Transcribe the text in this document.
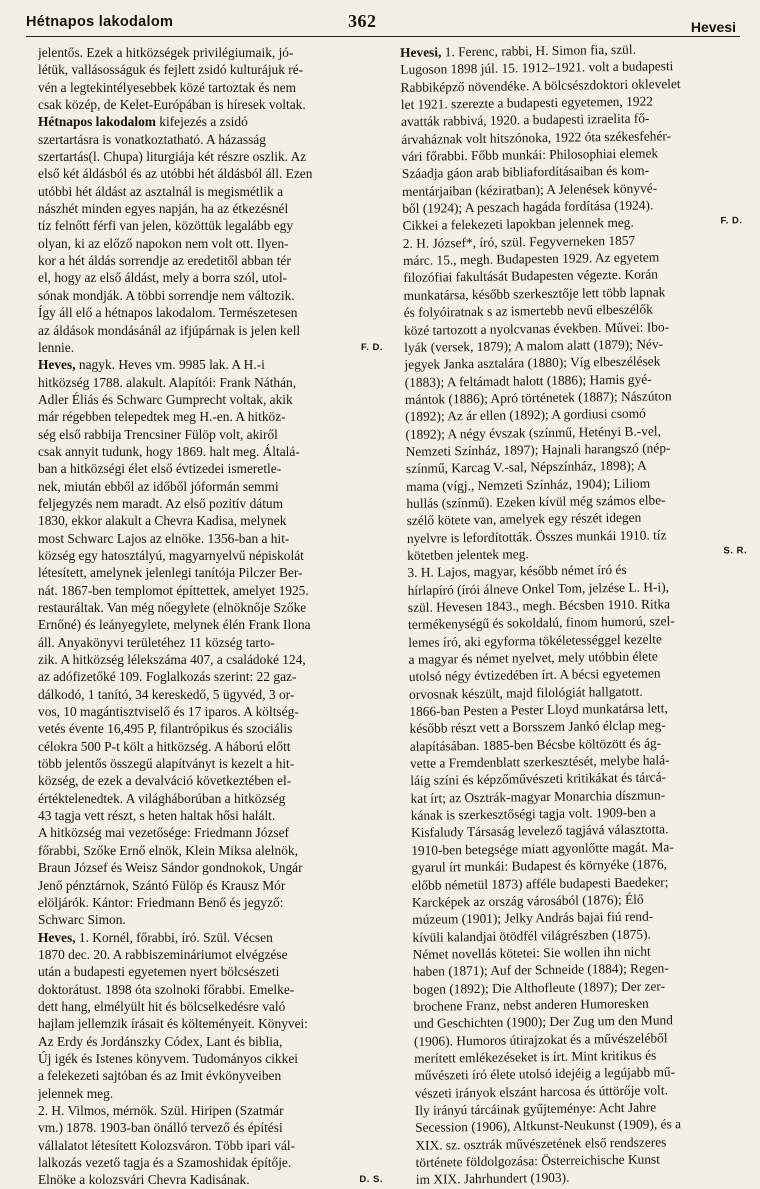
Hétnapos lakodalom	362	Hevesi
jelentős. Ezek a hitközségek privilégiumaik, jó-
létük, vallásosságuk és fejlett zsidó kulturájuk ré-
vén a legtekintélyesebbek közé tartoztak és nem
csak közép, de Kelet-Európában is híresek voltak.
Hétnapos lakodalom kifejezés a zsidó
szertartásra is vonatkoztatható. A házasság
szertartás(l. Chupa) liturgiája két részre oszlik. Az
első két áldásból és az utóbbi hét áldásból áll. Ezen
utóbbi hét áldást az asztalnál is megismétlik a
nászhét minden egyes napján, ha az étkezésnél
tíz felnőtt férfi van jelen, közöttük legalább egy
olyan, ki az előző napokon nem volt ott. Ilyen-
kor a hét áldás sorrendje az eredetitől abban tér
el, hogy az első áldást, mely a borra szól, utol-
sónak mondják. A többi sorrendje nem változik.
Így áll elő a hétnapos lakodalom. Természetesen
az áldások mondásánál az ifjúpárnak is jelen kell
lennie.	F. D.
Heves, nagyk. Heves vm. 9985 lak. A H.-i
hitközség 1788. alakult. Alapítói: Frank Náthán,
Adler Éliás és Schwarc Gumprecht voltak, akik
már régebben telepedtek meg H.-en. A hitköz-
ség első rabbija Trencsiner Fülöp volt, akiről
csak annyit tudunk, hogy 1869. halt meg. Általá-
ban a hitközségi élet első évtizedei ismeretle-
nek, miután ebből az időből jóformán semmi
feljegyzés nem maradt. Az első pozitív dátum
1830, ekkor alakult a Chevra Kadisa, melynek
most Schwarc Lajos az elnöke. 1356-ban a hit-
község egy hatosztályú, magyarnyelvű népiskolát
létesített, amelynek jelenlegi tanítója Pilczer Ber-
nát. 1867-ben templomot építtettek, amelyet 1925.
restauráltak. Van még nőegylete (elnöknője Szőke
Ernőné) és leányegylete, melynek élén Frank Ilona
áll. Anyakönyvi területéhez 11 község tarto-
zik. A hitközség lélekszáma 407, a családoké 124,
az adófizetőké 109. Foglalkozás szerint: 22 gaz-
dálkodó, 1 tanító, 34 kereskedő, 5 ügyvéd, 3 or-
vos, 10 magántisztviselő és 17 iparos. A költség-
vetés évente 16,495 P, filantrópikus és szociális
célokra 500 P-t költ a hitközség. A háború előtt
több jelentős összegű alapítványt is kezelt a hit-
község, de ezek a devalváció következtében el-
értéktelenedtek. A világháborúban a hitközség
43 tagja vett részt, s heten haltak hősi halált.
A hitközség mai vezetősége: Friedmann József
főrabbi, Szőke Ernő elnök, Klein Miksa alelnök,
Braun József és Weisz Sándor gondnokok, Ungár
Jenő pénztárnok, Szántó Fülöp és Krausz Mór
elöljárók. Kántor: Friedmann Benő és jegyző:
Schwarc Simon.
Heves, 1. Kornél, főrabbi, író. Szül. Vécsen
1870 dec. 20. A rabbiszemináriumot elvégzése
után a budapesti egyetemen nyert bölcsészeti
doktorátust. 1898 óta szolnoki főrabbi. Emelke-
dett hang, elmélyült hit és bölcselkedésre való
hajlam jellemzik írásait és költeményeit. Könyvei:
Az Erdy és Jordánszky Códex, Lant és biblia,
Új igék és Istenes könyvem. Tudományos cikkei
a felekezeti sajtóban és az Imit évkönyveiben
jelennek meg.
2. H. Vilmos, mérnök. Szül. Hiripen (Szatmár
vm.) 1878. 1903-ban önálló tervező és építési
vállalatot létesített Kolozsváron. Több ipari vál-
lalkozás vezető tagja és a Szamoshidak építője.
Elnöke a kolozsvári Chevra Kadisának.	D. S.
Hevesi, 1. Ferenc, rabbi, H. Simon fia, szül.
Lugoson 1898 júl. 15. 1912–1921. volt a budapesti
Rabbiképző növendéke. A bölcsészdoktori oklevelet
let 1921. szerezte a budapesti egyetemen, 1922
avatták rabbivá, 1920. a budapesti izraelita fő-
árvaháznak volt hitszónoka, 1922 óta székesfehér-
vári főrabbi. Főbb munkái: Philosophiai elemek
Száadja gáon arab bibliafordításaiban és kom-
mentárjaiban (kéziratban); A Jelenések könyvé-
ből (1924); A peszach hagáda fordítása (1924).
Cikkei a felekezeti lapokban jelennek meg.	F. D.
2. H. József*, író, szül. Fegyverneken 1857
márc. 15., megh. Budapesten 1929. Az egyetem
filozófiai fakultását Budapesten végezte. Korán
munkatársa, később szerkesztője lett több lapnak
és folyóiratnak s az ismertebb nevű elbeszélők
közé tartozott a nyolcvanas években. Művei: Ibo-
lyák (versek, 1879); A malom alatt (1879); Név-
jegyek Janka asztalára (1880); Víg elbeszélések
(1883); A feltámadt halott (1886); Hamis gyé-
mántok (1886); Apró történetek (1887); Nászúton
(1892); Az ár ellen (1892); A gordiusi csomó
(1892); A négy évszak (színmű, Hetényi B.-vel,
Nemzeti Színház, 1897); Hajnali harangszó (nép-
színmű, Karcag V.-sal, Népszínház, 1898); A
mama (vígj., Nemzeti Színház, 1904); Liliom
hullás (színmű). Ezeken kívül még számos elbe-
szélő kötete van, amelyek egy részét idegen
nyelvre is lefordították. Összes munkái 1910. tíz
kötetben jelentek meg.	S. R.
3. H. Lajos, magyar, később német író és
hírlapíró (írói álneve Onkel Tom, jelzése L. H-i),
szül. Hevesen 1843., megh. Bécsben 1910. Ritka
termékenységű és sokoldalú, finom humorú, szel-
lemes író, aki egyforma tökéletességgel kezelte
a magyar és német nyelvet, mely utóbbin élete
utolsó négy évtizedében írt. A bécsi egyetemen
orvosnak készült, majd filológiát hallgatott.
1866-ban Pesten a Pester Lloyd munkatársa lett,
később részt vett a Borsszem Jankó élclap meg-
alapításában. 1885-ben Bécsbe költözött és ág-
vette a Fremdenblatt szerkesztését, melybe halá-
láig színi és képzőművészeti kritikákat és tárcá-
kat írt; az Osztrák-magyar Monarchia díszmun-
kának is szerkesztőségi tagja volt. 1909-ben a
Kisfaludy Társaság levelező tagjává választotta.
1910-ben betegsége miatt agyonlőtte magát. Ma-
gyarul írt munkái: Budapest és környéke (1876,
előbb németül 1873) afféle budapesti Baedeker;
Karcképek az ország városából (1876); Élő
múzeum (1901); Jelky András bajai fiú rend-
kívüli kalandjai ötödfél világrészben (1875).
Német novellás kötetei: Sie wollen ihn nicht
haben (1871); Auf der Schneide (1884); Regen-
bogen (1892); Die Althofleute (1897); Der zer-
brochene Franz, nebst anderen Humoresken
und Geschichten (1900); Der Zug um den Mund
(1906). Humoros útirajzokat és a művészeléből
merített emlékezéseket is írt. Mint kritikus és
művészeti író élete utolsó idejéig a legújabb mű-
vészeti irányok elszánt harcosa és úttörője volt.
Ily irányú tárcáinak gyűjteménye: Acht Jahre
Secession (1906), Altkunst-Neukunst (1909), és a
XIX. sz. osztrák művészetének első rendszeres
története földolgozása: Österreichische Kunst
im XIX. Jahrhundert (1903).
